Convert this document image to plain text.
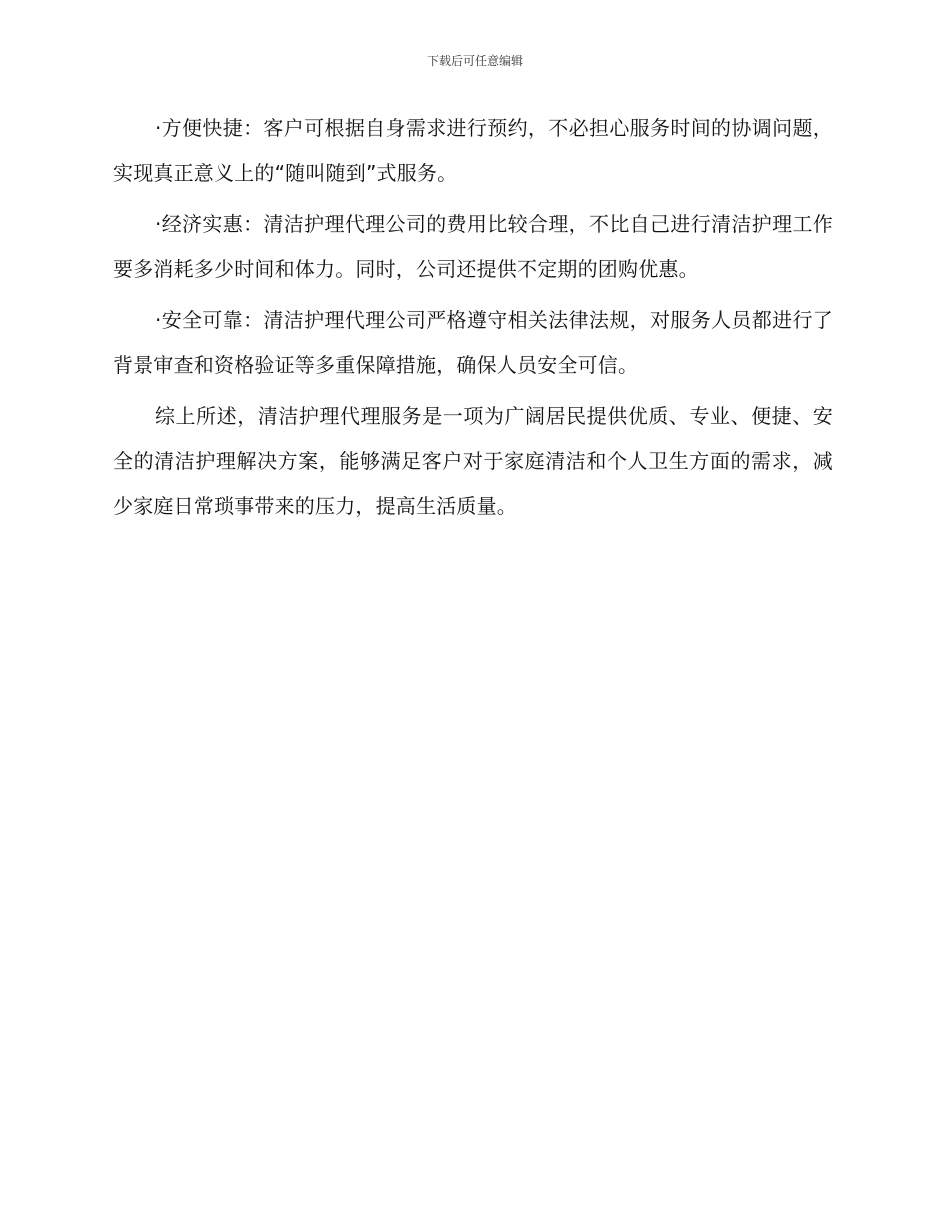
下载后可任意编辑

·方便快捷：客户可根据自身需求进行预约，不必担心服务时间的协调问题，实现真正意义上的“随叫随到”式服务。

·经济实惠：清洁护理代理公司的费用比较合理，不比自己进行清洁护理工作要多消耗多少时间和体力。同时，公司还提供不定期的团购优惠。

·安全可靠：清洁护理代理公司严格遵守相关法律法规，对服务人员都进行了背景审查和资格验证等多重保障措施，确保人员安全可信。

综上所述，清洁护理代理服务是一项为广阔居民提供优质、专业、便捷、安全的清洁护理解决方案，能够满足客户对于家庭清洁和个人卫生方面的需求，减少家庭日常琐事带来的压力，提高生活质量。
